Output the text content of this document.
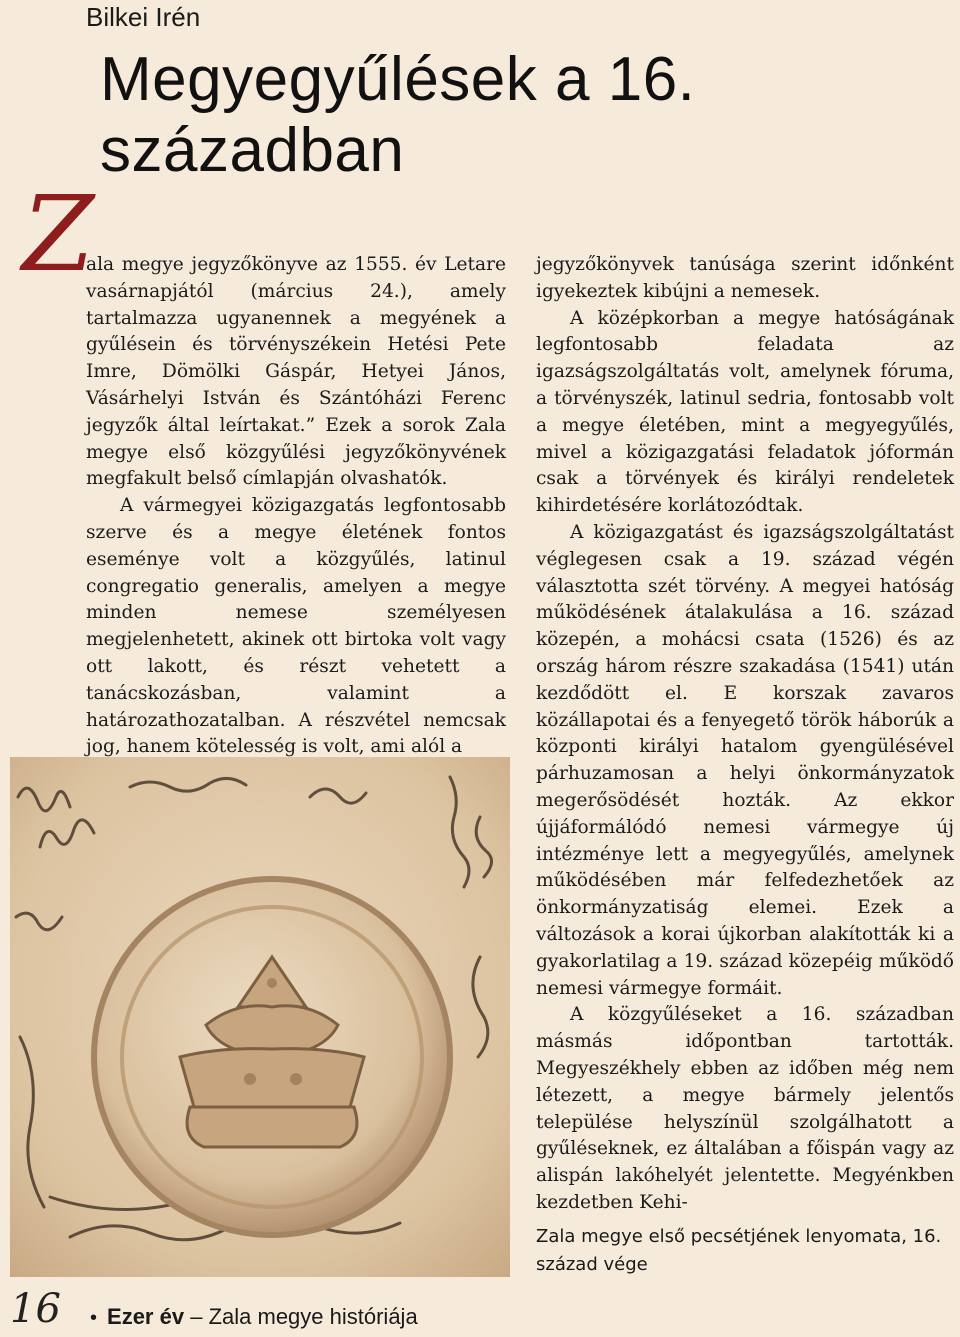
Bilkei Irén
Megyegyűlések a 16. században
Z

ala megye jegyzőkönyve az 1555. év Letare vasárnapjától (március 24.), amely tartalmazza ugyanennek a megyének a gyűlésein és törvényszékein Hetési Pete Imre, Dömölki Gáspár, Hetyei János, Vásárhelyi István és Szántóházi Ferenc jegyzők által leírtakat.” Ezek a sorok Zala megye első közgyűlési jegyzőkönyvének megfakult belső címlapján olvashatók.

A vármegyei közigazgatás legfontosabb szerve és a megye életének fontos eseménye volt a közgyűlés, latinul congregatio generalis, amelyen a megye minden nemese személyesen megjelenhetett, akinek ott birtoka volt vagy ott lakott, és részt vehetett a tanácskozásban, valamint a határozathozatalban. A részvétel nemcsak jog, hanem kötelesség is volt, ami alól a

jegyzőkönyvek tanúsága szerint időnként igyekeztek kibújni a nemesek.

A középkorban a megye hatóságának legfontosabb feladata az igazságszolgáltatás volt, amelynek fóruma, a törvényszék, latinul sedria, fontosabb volt a megye életében, mint a megyegyűlés, mivel a közigazgatási feladatok jóformán csak a törvények és királyi rendeletek kihirdetésére korlátozódtak.

A közigazgatást és igazságszolgáltatást véglegesen csak a 19. század végén választotta szét törvény. A megyei hatóság működésének átalakulása a 16. század közepén, a mohácsi csata (1526) és az ország három részre szakadása (1541) után kezdődött el. E korszak zavaros közállapotai és a fenyegető török háborúk a központi királyi hatalom gyengülésével párhuzamosan a helyi önkormányzatok megerősödését hozták. Az ekkor újjáformálódó nemesi vármegye új intézménye lett a megyegyűlés, amelynek működésében már felfedezhetőek az önkormányzatiság elemei. Ezek a változások a korai újkorban alakították ki a gyakorlatilag a 19. század közepéig működő nemesi vármegye formáit.

A közgyűléseket a 16. században másmás időpontban tartották. Megyeszékhely ebben az időben még nem létezett, a megye bármely jelentős települése helyszínül szolgálhatott a gyűléseknek, ez általában a főispán vagy az alispán lakóhelyét jelentette. Megyénkben kezdetben Kehi-

Zala megye első pecsétjének lenyomata, 16. század vége
16 • Ezer év – Zala megye históriája
